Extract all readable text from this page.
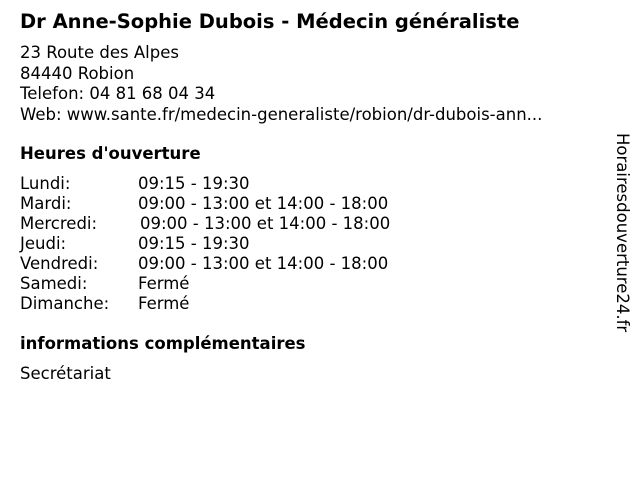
Dr Anne-Sophie Dubois - Médecin généraliste
23 Route des Alpes
84440 Robion
Telefon: 04 81 68 04 34
Web: www.sante.fr/medecin-generaliste/robion/dr-dubois-ann...
Heures d'ouverture
Lundi:	09:15 - 19:30
Mardi:	09:00 - 13:00 et 14:00 - 18:00
Mercredi:	09:00 - 13:00 et 14:00 - 18:00
Jeudi:	09:15 - 19:30
Vendredi: 09:00 - 13:00 et 14:00 - 18:00
Samedi:	Fermé
Dimanche: Fermé
informations complémentaires
Secrétariat
Horairesdouverture24.fr
